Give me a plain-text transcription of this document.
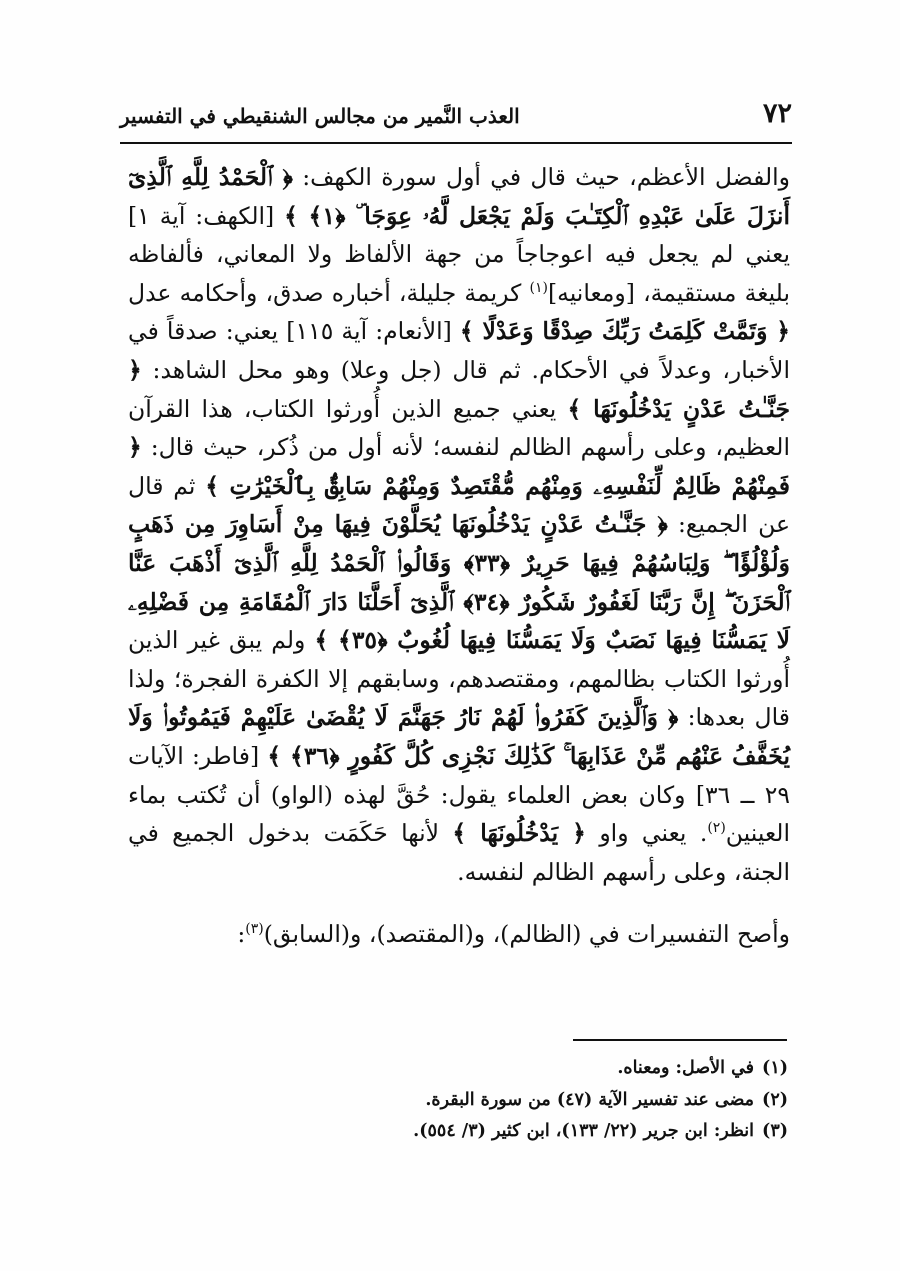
٧٢
العذب النَّمير من مجالس الشنقيطي في التفسير

والفضل الأعظم، حيث قال في أول سورة الكهف: ﴿ ٱلْحَمْدُ لِلَّهِ ٱلَّذِىٓ أَنزَلَ عَلَىٰ عَبْدِهِ ٱلْكِتَـٰبَ وَلَمْ يَجْعَل لَّهُۥ عِوَجَا ۜ ﴿١﴾ ﴾ [الكهف: آية ١] يعني لم يجعل فيه اعوجاجاً من جهة الألفاظ ولا المعاني، فألفاظه بليغة مستقيمة، [ومعانيه]$^{(١)}$ كريمة جليلة، أخباره صدق، وأحكامه عدل ﴿ وَتَمَّتْ كَلِمَتُ رَبِّكَ صِدْقًا وَعَدْلًا ﴾ [الأنعام: آية ١١٥] يعني: صدقاً في الأخبار، وعدلاً في الأحكام. ثم قال (جل وعلا) وهو محل الشاهد: ﴿ جَنَّـٰتُ عَدْنٍ يَدْخُلُونَهَا ﴾ يعني جميع الذين أُورثوا الكتاب، هذا القرآن العظيم، وعلى رأسهم الظالم لنفسه؛ لأنه أول من ذُكر، حيث قال: ﴿ فَمِنْهُمْ ظَالِمٌ لِّنَفْسِهِۦ وَمِنْهُم مُّقْتَصِدٌ وَمِنْهُمْ سَابِقٌۢ بِٱلْخَيْرَٰتِ ﴾ ثم قال عن الجميع: ﴿ جَنَّـٰتُ عَدْنٍ يَدْخُلُونَهَا يُحَلَّوْنَ فِيهَا مِنْ أَسَاوِرَ مِن ذَهَبٍ وَلُؤْلُؤًا ۖ وَلِبَاسُهُمْ فِيهَا حَرِيرٌ ﴿٣٣﴾ وَقَالُوا۟ ٱلْحَمْدُ لِلَّهِ ٱلَّذِىٓ أَذْهَبَ عَنَّا ٱلْحَزَنَ ۖ إِنَّ رَبَّنَا لَغَفُورٌ شَكُورٌ ﴿٣٤﴾ ٱلَّذِىٓ أَحَلَّنَا دَارَ ٱلْمُقَامَةِ مِن فَضْلِهِۦ لَا يَمَسُّنَا فِيهَا نَصَبٌ وَلَا يَمَسُّنَا فِيهَا لُغُوبٌ ﴿٣٥﴾ ﴾ ولم يبق غير الذين أُورثوا الكتاب بظالمهم، ومقتصدهم، وسابقهم إلا الكفرة الفجرة؛ ولذا قال بعدها: ﴿ وَٱلَّذِينَ كَفَرُوا۟ لَهُمْ نَارُ جَهَنَّمَ لَا يُقْضَىٰ عَلَيْهِمْ فَيَمُوتُوا۟ وَلَا يُخَفَّفُ عَنْهُم مِّنْ عَذَابِهَا ۚ كَذَٰلِكَ نَجْزِى كُلَّ كَفُورٍ ﴿٣٦﴾ ﴾ [فاطر: الآيات ٢٩ ــ ٣٦] وكان بعض العلماء يقول: حُقَّ لهذه (الواو) أن تُكتب بماء العينين$^{(٢)}$. يعني واو ﴿ يَدْخُلُونَهَا ﴾ لأنها حَكَمَت بدخول الجميع في الجنة، وعلى رأسهم الظالم لنفسه.

وأصح التفسيرات في (الظالم)، و(المقتصد)، و(السابق)$^{(٣)}$:

(١)في الأصل: ومعناه.
(٢)مضى عند تفسير الآية (٤٧) من سورة البقرة.
(٣)انظر: ابن جرير (٢٢/ ١٣٣)، ابن كثير (٣/ ٥٥٤).
